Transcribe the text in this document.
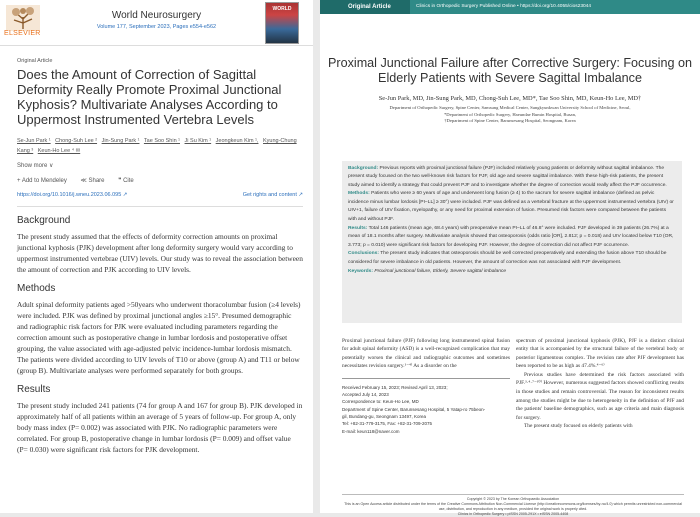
ELSEVIER
World Neurosurgery
Volume 177, September 2023, Pages e554-e562
WORLD
Original Article
Does the Amount of Correction of Sagittal Deformity Really Promote Proximal Junctional Kyphosis? Multivariate Analyses According to Uppermost Instrumented Vertebra Levels
Se-Jun Park ¹ Chong-Suh Lee ² Jin-Sung Park ¹ Tae Soo Shin ¹ Ji Su Kim ¹ Jeongkeun Kim ¹, Kyung-Chung Kang ³ Keun-Ho Lee ⁴ ✉
Show more ∨
+ Add to Mendeley ≪ Share ❞ Cite
https://doi.org/10.1016/j.wneu.2023.06.095 ↗	Get rights and content ↗
Background
The present study assumed that the effects of deformity correction amounts on proximal junctional kyphosis (PJK) development after long deformity surgery would vary according to uppermost instrumented vertebrae (UIV) levels. Our study was to reveal the association between the amount of correction and PJK according to UIV levels.
Methods
Adult spinal deformity patients aged >50years who underwent thoracolumbar fusion (≥4 levels) were included. PJK was defined by proximal junctional angles ≥15°. Presumed demographic and radiographic risk factors for PJK were evaluated including parameters regarding the correction amount such as postoperative change in lumbar lordosis and postoperative offset grouping, the value associated with age-adjusted pelvic incidence-lumbar lordosis mismatch. The patients were divided according to UIV levels of T10 or above (group A) and T11 or below (group B). Multivariate analyses were performed separately for both groups.
Results
The present study included 241 patients (74 for group A and 167 for group B). PJK developed in approximately half of all patients within an average of 5 years of follow-up. For group A, only body mass index (P= 0.002) was associated with PJK. No radiographic parameters were correlated. For group B, postoperative change in lumbar lordosis (P= 0.009) and offset value (P= 0.030) were significant risk factors for PJK development.
Original Article	Clinics in Orthopedic Surgery Published Online • https://doi.org/10.4055/cios23044
Proximal Junctional Failure after Corrective Surgery: Focusing on Elderly Patients with Severe Sagittal Imbalance
Se-Jun Park, MD, Jin-Sung Park, MD, Chong-Suh Lee, MD*, Tae Soo Shin, MD, Keun-Ho Lee, MD†
Department of Orthopedic Surgery, Spine Center, Samsung Medical Center, Sungkyunkwan University School of Medicine, Seoul,
*Department of Orthopedic Surgery, Haeundae Bumin Hospital, Busan,
†Department of Spine Center, Barunsesang Hospital, Seongnam, Korea
Background: Previous reports with proximal junctional failure (PJF) included relatively young patients or deformity without sagittal imbalance. The present study focused on the two well-known risk factors for PJF, old age and severe sagittal imbalance. With these high-risk patients, the present study aimed to identify a strategy that could prevent PJF and to investigate whether the degree of correction would really affect the PJF occurrence.
Methods: Patients who were ≥ 60 years of age and underwent long fusion (≥ 4) to the sacrum for severe sagittal imbalance (defined as pelvic incidence minus lumbar lordosis [PI−LL] ≥ 30°) were included. PJF was defined as a vertebral fracture at the uppermost instrumented vertebra (UIV) or UIV+1, failure of UIV fixation, myelopathy, or any need for proximal extension of fusion. Presumed risk factors were compared between the patients with and without PJF.
Results: Total 146 patients (mean age, 68.4 years) with preoperative mean PI−LL of 46.8° were included. PJF developed in 39 patients (26.7%) at a mean of 18.1 months after surgery. Multivariate analysis showed that osteoporosis (odds ratio [OR], 2.812; p = 0.018) and UIV located below T10 (OR, 3.773; p = 0.010) were significant risk factors for developing PJF. However, the degree of correction did not affect PJF occurrence.
Conclusions: The present study indicates that osteoporosis should be well corrected preoperatively and extending the fusion above T10 should be considered for severe imbalance in old patients. However, the amount of correction was not associated with PJF development.
Keywords: Proximal junctional failure, Elderly, Severe sagittal imbalance
Proximal junctional failure (PJF) following long instrumented spinal fusion for adult spinal deformity (ASD) is a well-recognized complication that may potentially worsen the clinical and radiographic outcomes and sometimes necessitates revision surgery.¹⁻⁴⁾ As a disorder on the
Received February 15, 2023; Revised April 13, 2023;
Accepted July 14, 2023
Correspondence to: Keun-Ho Lee, MD
Department of Spine Center, Barunsesang Hospital, 5 Yatap-ro 75beon-
gil, Bundang-gu, Seongnam 13497, Korea
Tel: +82-31-779-3175, Fax: +82-31-709-2075
E-mail: keun118@naver.com
spectrum of proximal junctional kyphosis (PJK), PJF is a distinct clinical entity that is accompanied by the structural failure of the vertebral body or posterior ligamentous complex. The revision rate after PJF development has been reported to be as high as 47.4%.⁴⁻⁶⁾
Previous studies have determined the risk factors associated with PJF.³·⁴·⁷⁻¹⁰⁾ However, numerous suggested factors showed conflicting results in those studies and remain controversial. The reason for inconsistent results among the studies might be due to heterogeneity in the definition of PJF and the patients' baseline demographics, such as age criteria and main diagnosis for surgery.
The present study focused on elderly patients with
Copyright © 2023 by The Korean Orthopaedic Association
This is an Open Access article distributed under the terms of the Creative Commons Attribution Non-Commercial License (http://creativecommons.org/licenses/by-nc/4.0) which permits unrestricted non-commercial use, distribution, and reproduction in any medium, provided the original work is properly cited.
Clinics in Orthopedic Surgery • pISSN 2005-291X • eISSN 2005-4408
